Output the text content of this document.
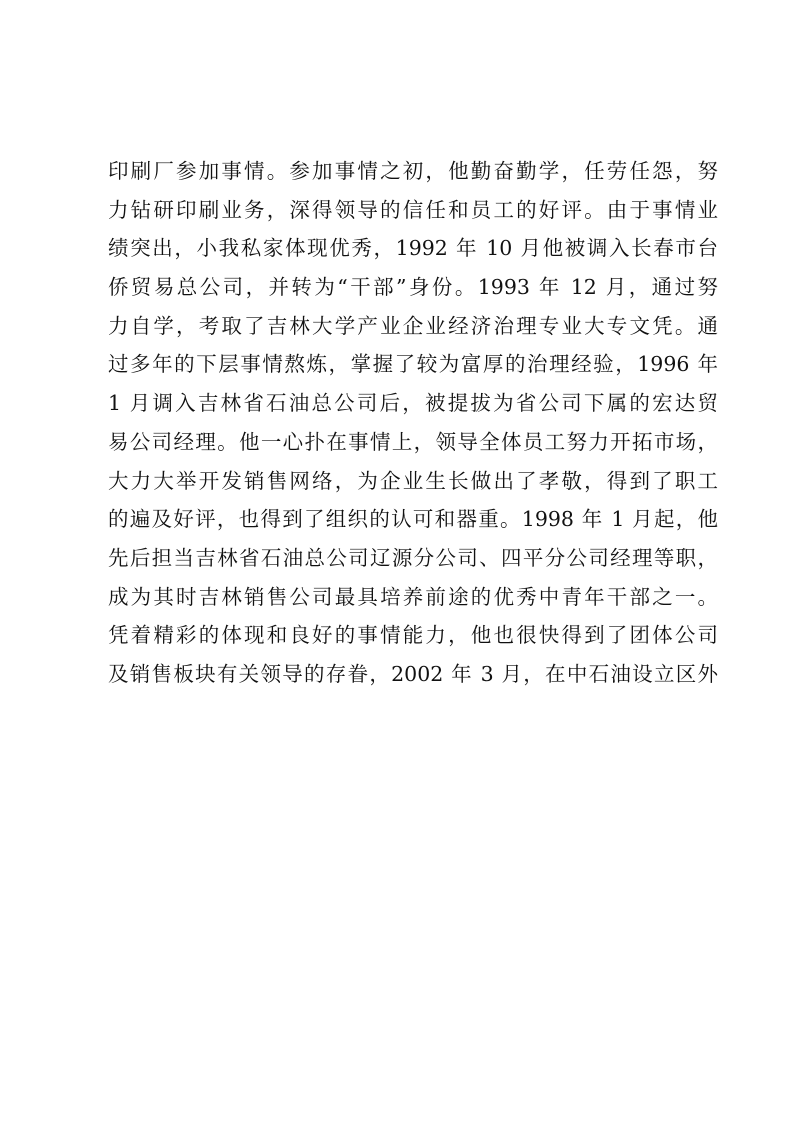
印刷厂参加事情。参加事情之初，他勤奋勤学，任劳任怨，努
力钻研印刷业务，深得领导的信任和员工的好评。由于事情业
绩突出，小我私家体现优秀，1992 年 10 月他被调入长春市台
侨贸易总公司，并转为“干部”身份。1993 年 12 月，通过努
力自学，考取了吉林大学产业企业经济治理专业大专文凭。通
过多年的下层事情熬炼，掌握了较为富厚的治理经验，1996 年
1 月调入吉林省石油总公司后，被提拔为省公司下属的宏达贸
易公司经理。他一心扑在事情上，领导全体员工努力开拓市场，
大力大举开发销售网络，为企业生长做出了孝敬，得到了职工
的遍及好评，也得到了组织的认可和器重。1998 年 1 月起，他
先后担当吉林省石油总公司辽源分公司、四平分公司经理等职，
成为其时吉林销售公司最具培养前途的优秀中青年干部之一。
凭着精彩的体现和良好的事情能力，他也很快得到了团体公司
及销售板块有关领导的存眷，2002 年 3 月，在中石油设立区外
